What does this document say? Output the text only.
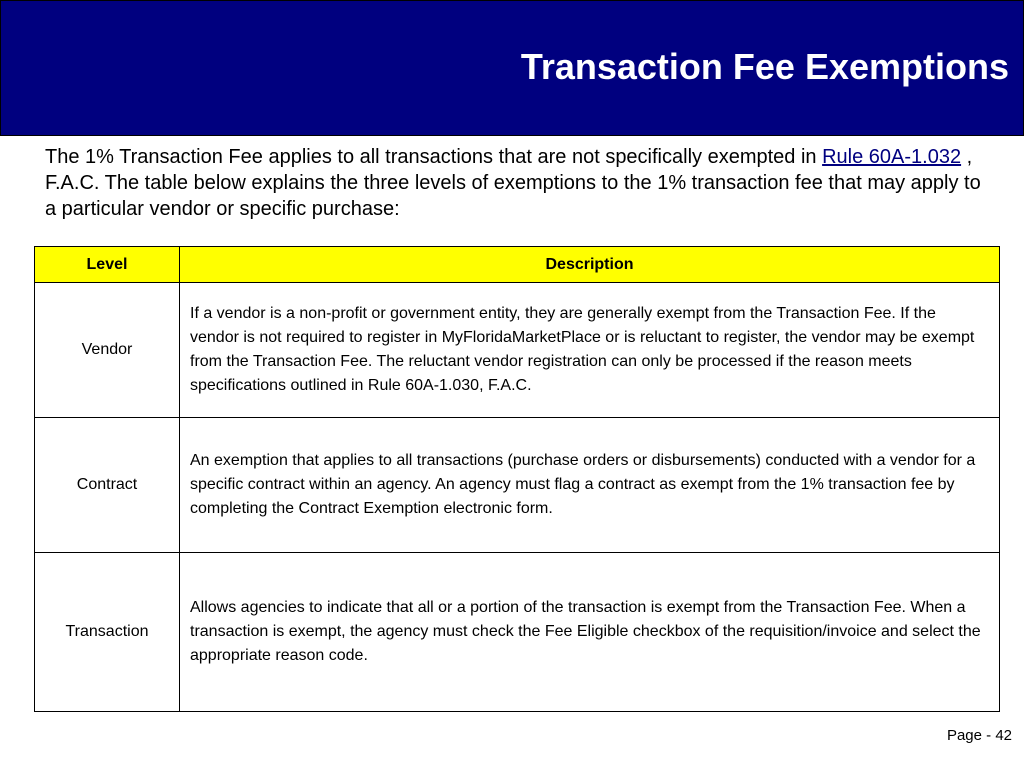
Transaction Fee Exemptions
The 1% Transaction Fee applies to all transactions that are not specifically exempted in Rule 60A-1.032 , F.A.C. The table below explains the three levels of exemptions to the 1% transaction fee that may apply to a particular vendor or specific purchase:
Level	Description
Vendor	If a vendor is a non-profit or government entity, they are generally exempt from the Transaction Fee. If the vendor is not required to register in MyFloridaMarketPlace or is reluctant to register, the vendor may be exempt from the Transaction Fee. The reluctant vendor registration can only be processed if the reason meets specifications outlined in Rule 60A-1.030, F.A.C.
Contract	An exemption that applies to all transactions (purchase orders or disbursements) conducted with a vendor for a specific contract within an agency. An agency must flag a contract as exempt from the 1% transaction fee by completing the Contract Exemption electronic form.
Transaction	Allows agencies to indicate that all or a portion of the transaction is exempt from the Transaction Fee. When a transaction is exempt, the agency must check the Fee Eligible checkbox of the requisition/invoice and select the appropriate reason code.
Page - 42
